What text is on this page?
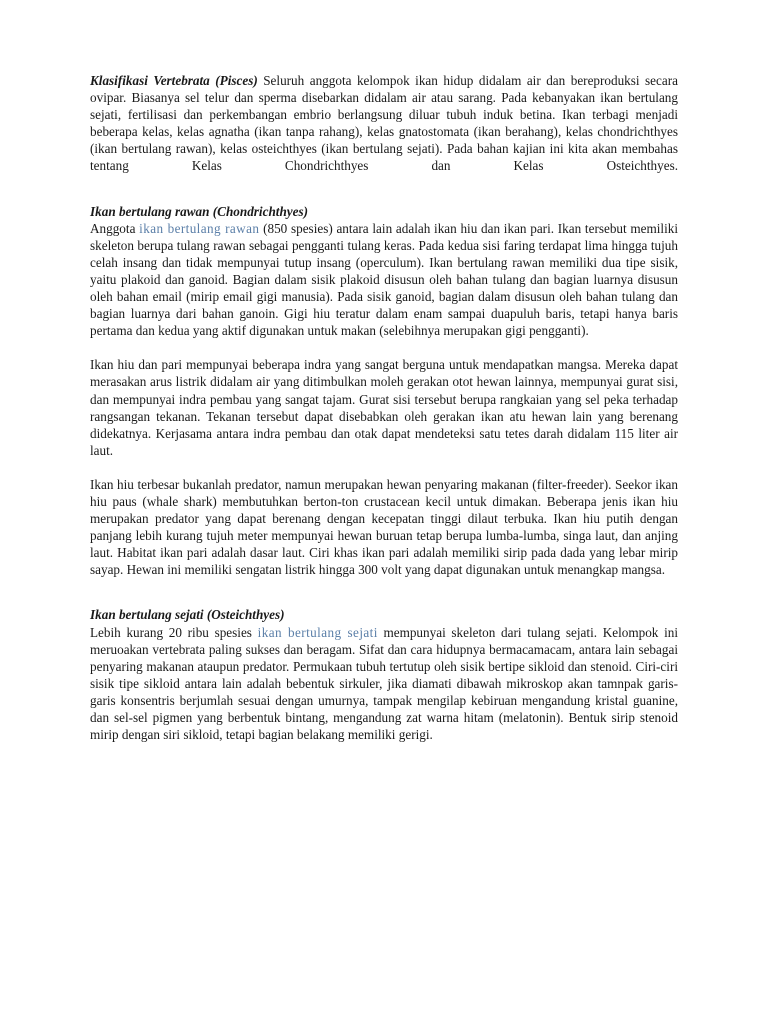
Klasifikasi Vertebrata (Pisces) Seluruh anggota kelompok ikan hidup didalam air dan bereproduksi secara ovipar. Biasanya sel telur dan sperma disebarkan didalam air atau sarang. Pada kebanyakan ikan bertulang sejati, fertilisasi dan perkembangan embrio berlangsung diluar tubuh induk betina. Ikan terbagi menjadi beberapa kelas, kelas agnatha (ikan tanpa rahang), kelas gnatostomata (ikan berahang), kelas chondrichthyes (ikan bertulang rawan), kelas osteichthyes (ikan bertulang sejati). Pada bahan kajian ini kita akan membahas tentang Kelas Chondrichthyes dan Kelas Osteichthyes.

Ikan bertulang rawan (Chondrichthyes)

Anggota ikan bertulang rawan (850 spesies) antara lain adalah ikan hiu dan ikan pari. Ikan tersebut memiliki skeleton berupa tulang rawan sebagai pengganti tulang keras. Pada kedua sisi faring terdapat lima hingga tujuh celah insang dan tidak mempunyai tutup insang (operculum). Ikan bertulang rawan memiliki dua tipe sisik, yaitu plakoid dan ganoid. Bagian dalam sisik plakoid disusun oleh bahan tulang dan bagian luarnya disusun oleh bahan email (mirip email gigi manusia). Pada sisik ganoid, bagian dalam disusun oleh bahan tulang dan bagian luarnya dari bahan ganoin. Gigi hiu teratur dalam enam sampai duapuluh baris, tetapi hanya baris pertama dan kedua yang aktif digunakan untuk makan (selebihnya merupakan gigi pengganti).

Ikan hiu dan pari mempunyai beberapa indra yang sangat berguna untuk mendapatkan mangsa. Mereka dapat merasakan arus listrik didalam air yang ditimbulkan moleh gerakan otot hewan lainnya, mempunyai gurat sisi, dan mempunyai indra pembau yang sangat tajam. Gurat sisi tersebut berupa rangkaian yang sel peka terhadap rangsangan tekanan. Tekanan tersebut dapat disebabkan oleh gerakan ikan atu hewan lain yang berenang didekatnya. Kerjasama antara indra pembau dan otak dapat mendeteksi satu tetes darah didalam 115 liter air laut.

Ikan hiu terbesar bukanlah predator, namun merupakan hewan penyaring makanan (filter-freeder). Seekor ikan hiu paus (whale shark) membutuhkan berton-ton crustacean kecil untuk dimakan. Beberapa jenis ikan hiu merupakan predator yang dapat berenang dengan kecepatan tinggi dilaut terbuka. Ikan hiu putih dengan panjang lebih kurang tujuh meter mempunyai hewan buruan tetap berupa lumba-lumba, singa laut, dan anjing laut. Habitat ikan pari adalah dasar laut. Ciri khas ikan pari adalah memiliki sirip pada dada yang lebar mirip sayap. Hewan ini memiliki sengatan listrik hingga 300 volt yang dapat digunakan untuk menangkap mangsa.

Ikan bertulang sejati (Osteichthyes)

Lebih kurang 20 ribu spesies ikan bertulang sejati mempunyai skeleton dari tulang sejati. Kelompok ini meruoakan vertebrata paling sukses dan beragam. Sifat dan cara hidupnya bermacamacam, antara lain sebagai penyaring makanan ataupun predator. Permukaan tubuh tertutup oleh sisik bertipe sikloid dan stenoid. Ciri-ciri sisik tipe sikloid antara lain adalah bebentuk sirkuler, jika diamati dibawah mikroskop akan tamnpak garis-garis konsentris berjumlah sesuai dengan umurnya, tampak mengilap kebiruan mengandung kristal guanine, dan sel-sel pigmen yang berbentuk bintang, mengandung zat warna hitam (melatonin). Bentuk sirip stenoid mirip dengan siri sikloid, tetapi bagian belakang memiliki gerigi.
